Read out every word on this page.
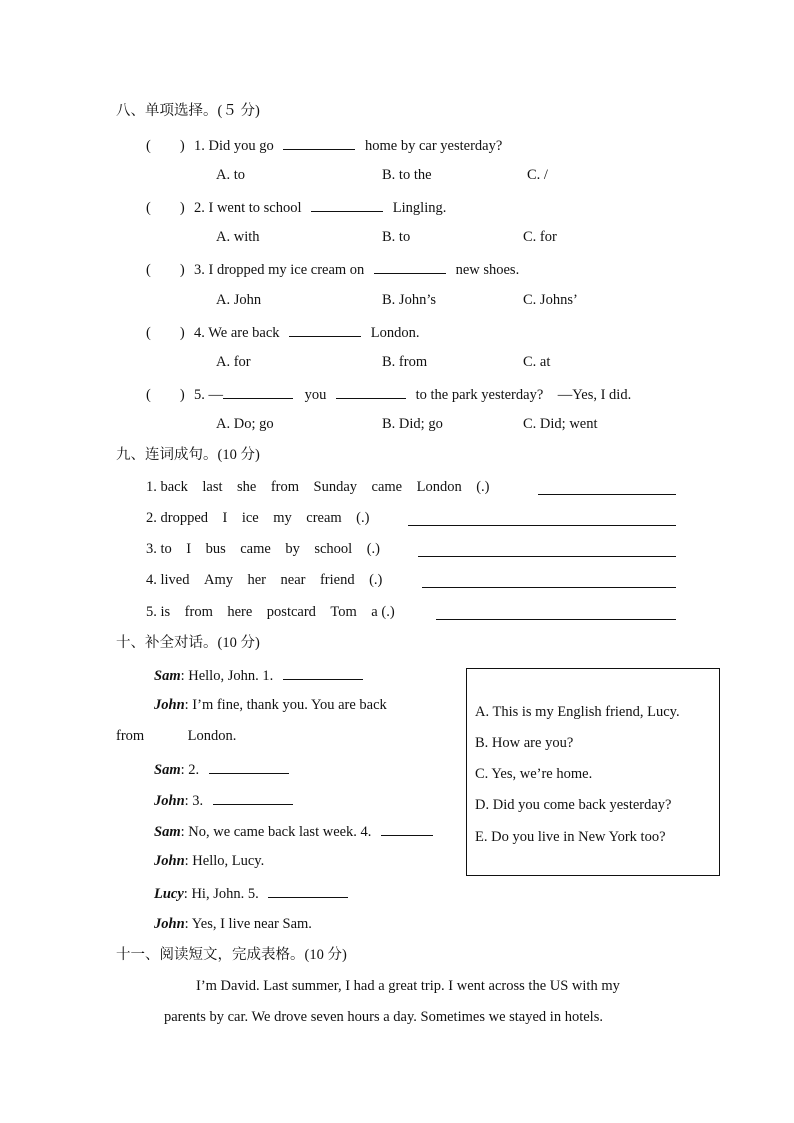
八、单项选择。(５ 分)
(　　) 1. Did you go	home by car yesterday?
A. to	B. to the	C. /
(　　) 2. I went to school	Lingling.
A. with	B. to	C. for
(　　) 3. I dropped my ice cream on	new shoes.
A. John	B. John’s	C. Johns’
(　　) 4. We are back	London.
A. for	B. from	C. at
(　　) 5. —	you	to the park yesterday?　—Yes, I did.
A. Do; go	B. Did; go	C. Did; went
九、连词成句。(10 分)
1. back　last　she　from　Sunday　came　London　(.)
2. dropped　I　ice　my　cream　(.)
3. to　I　bus　came　by　school　(.)
4. lived　Amy　her　near　friend　(.)
5. is　from　here　postcard　Tom　a (.)
十、补全对话。(10 分)
Sam: Hello, John. 1.
John: I’m fine, thank you. You are back
from　　　London.
Sam: 2.
John: 3.
Sam: No, we came back last week. 4.
John: Hello, Lucy.
Lucy: Hi, John. 5.
John: Yes, I live near Sam.
A. This is my English friend, Lucy.
B. How are you?
C. Yes, we’re home.
D. Did you come back yesterday?
E. Do you live in New York too?
十一、阅读短文，完成表格。(10 分)
I’m David. Last summer, I had a great trip. I went across the US with my
parents by car. We drove seven hours a day. Sometimes we stayed in hotels.
